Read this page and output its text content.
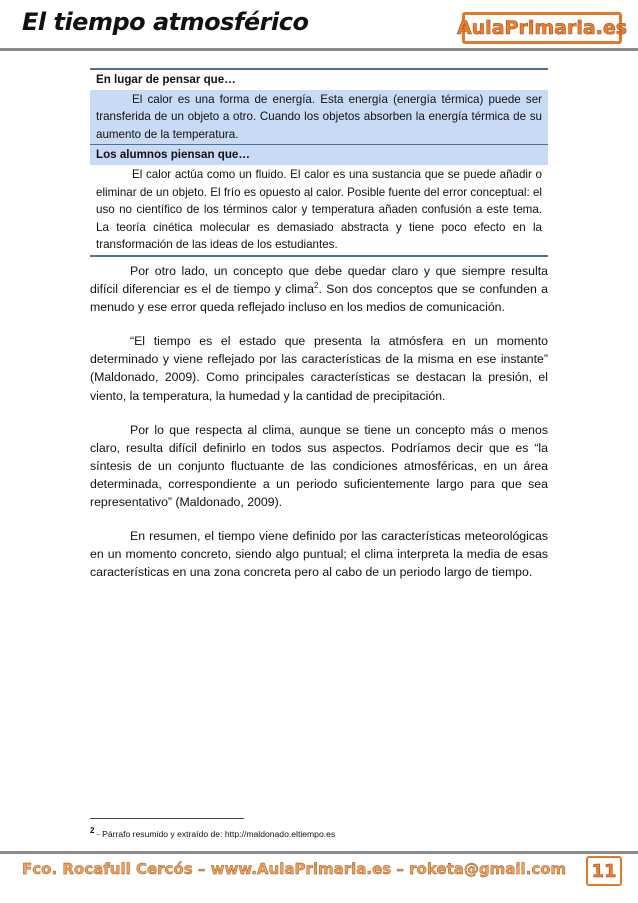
El tiempo atmosférico	AulaPrimaria.es
En lugar de pensar que…
El calor es una forma de energía. Esta energía (energía térmica) puede ser transferida de un objeto a otro. Cuando los objetos absorben la energía térmica de su aumento de la temperatura.
Los alumnos piensan que…
El calor actúa como un fluido. El calor es una sustancia que se puede añadir o eliminar de un objeto. El frío es opuesto al calor. Posible fuente del error conceptual: el uso no científico de los términos calor y temperatura añaden confusión a este tema. La teoría cinética molecular es demasiado abstracta y tiene poco efecto en la transformación de las ideas de los estudiantes.

Por otro lado, un concepto que debe quedar claro y que siempre resulta difícil diferenciar es el de tiempo y clima$^2$. Son dos conceptos que se confunden a menudo y ese error queda reflejado incluso en los medios de comunicación.

“El tiempo es el estado que presenta la atmósfera en un momento determinado y viene reflejado por las características de la misma en ese instante” (Maldonado, 2009). Como principales características se destacan la presión, el viento, la temperatura, la humedad y la cantidad de precipitación.

Por lo que respecta al clima, aunque se tiene un concepto más o menos claro, resulta difícil definirlo en todos sus aspectos. Podríamos decir que es “la síntesis de un conjunto fluctuante de las condiciones atmosféricas, en un área determinada, correspondiente a un periodo suficientemente largo para que sea representativo” (Maldonado, 2009).

En resumen, el tiempo viene definido por las características meteorológicas en un momento concreto, siendo algo puntual; el clima interpreta la media de esas características en una zona concreta pero al cabo de un periodo largo de tiempo.

$^2$ - Párrafo resumido y extraído de: http://maldonado.eltiempo.es
Fco. Rocafull Cercós – www.AulaPrimaria.es – roketa@gmail.com	11
